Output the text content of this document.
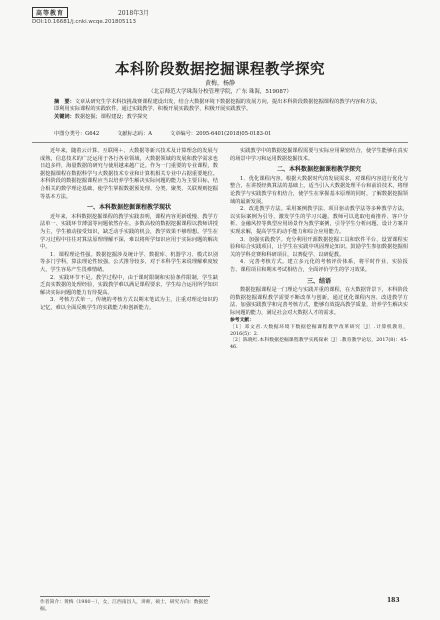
高等教育	2018年3月
DOI:10.16681/j.cnki.wcqe.201805113
本科阶段数据挖掘课程教学探究
黄梅，杨静
（北京师范大学珠海分校管理学院，广东 珠海，519087）
摘　要：文章从研究生学术科技挑战赛课程建设出发，结合大数据环境下数据挖掘的发展方向，提出本科阶段数据挖掘课程的教学内容和方法，即利用实际课程的实践软件，通过实践教学、积极开展实践教学，积极开展实践教学。
关键词：数据挖掘；课程建设；教学探究
中图分类号：G642	文献标志码：A	文章编号：2095-6401(2018)05-0183-01

近年来，随着云计算、互联网＋、大数据等新兴技术及计算理念的发展与成熟，信息技术的广泛运用于各行各业领域，大数据领域的发展和教学需求也日趋多样，海量数据的研究与使用越来越广泛。作为一门重要的专业课程，数据挖掘课程在数据科学与大数据技术专业和计算机相关专业中占据重要地位。本科阶段的数据挖掘课程应当以培养学生解决实际问题的能力为主要目标，结合相关的数学理论基础，使学生掌握数据预处理、分类、聚类、关联规则挖掘等基本方法。

一、本科数据挖掘课程教学现状

近年来，本科数据挖掘课程的教学实践表明，课程内容更新缓慢、教学方法单一、实践环节薄弱等问题依然存在。多数高校的数据挖掘课程以教师讲授为主，学生被动接受知识，缺乏动手实践的机会，教学效果不够理想。学生在学习过程中往往对算法原理理解不深，难以将所学知识应用于实际问题的解决中。

1．课程理论性强。数据挖掘涉及统计学、数据库、机器学习、模式识别等多门学科，算法理论性较强，公式推导较多，对于本科学生来说理解难度较大，学生容易产生畏难情绪。

2．实践环节不足。教学过程中，由于课时限制和实验条件限制，学生缺乏真实数据的处理经验，实践教学难以满足课程要求，学生综合运用所学知识解决实际问题的能力有待提高。

3．考核方式单一。传统的考核方式以期末笔试为主，注重对理论知识的记忆，难以全面反映学生的实践能力和创新能力。

实践教学中的数据挖掘课程需要与实际应用紧密结合，使学生能够在真实的场景中学习和运用数据挖掘技术。

二、本科数据挖掘课程教学探究

1．优化课程内容。根据大数据时代的发展需求，对课程内容进行优化与整合，在讲授经典算法的基础上，适当引入大数据处理平台和前沿技术，将理论教学与实践教学有机结合，使学生在掌握基本原理的同时，了解数据挖掘领域的最新发展。

2．改进教学方法。采用案例教学法、项目驱动教学法等多种教学方法，以实际案例为引导，激发学生的学习兴趣。教师可以选取电商推荐、客户分析、金融风控等典型应用场景作为教学案例，引导学生分析问题、设计方案并实现求解，提高学生的动手能力和综合应用能力。

3．加强实践教学。充分利用开源数据挖掘工具和软件平台，设置课程实验和综合实践项目，让学生在实践中巩固理论知识。鼓励学生参加数据挖掘相关的学科竞赛和科研项目，以赛促学、以研促教。

4．完善考核方式。建立多元化的考核评价体系，将平时作业、实验报告、课程项目和期末考试相结合，全面评价学生的学习效果。

三、结语

数据挖掘课程是一门理论与实践并重的课程，在大数据背景下，本科阶段的数据挖掘课程教学需要不断改革与创新。通过优化课程内容、改进教学方法、加强实践教学和完善考核方式，能够有效提高教学质量，培养学生解决实际问题的能力，满足社会对大数据人才的需求。

参考文献：
［1］邓文君.大数据环境下数据挖掘课程教学改革研究［J］.计算机教育，2016(5)：2.
［2］陈晓红.本科数据挖掘课程教学实践探索［J］.教育教学论坛，2017(8)：45-46.
作者简介：黄梅（1980－），女，江西南昌人，讲师，硕士，研究方向：数据挖掘。
183
